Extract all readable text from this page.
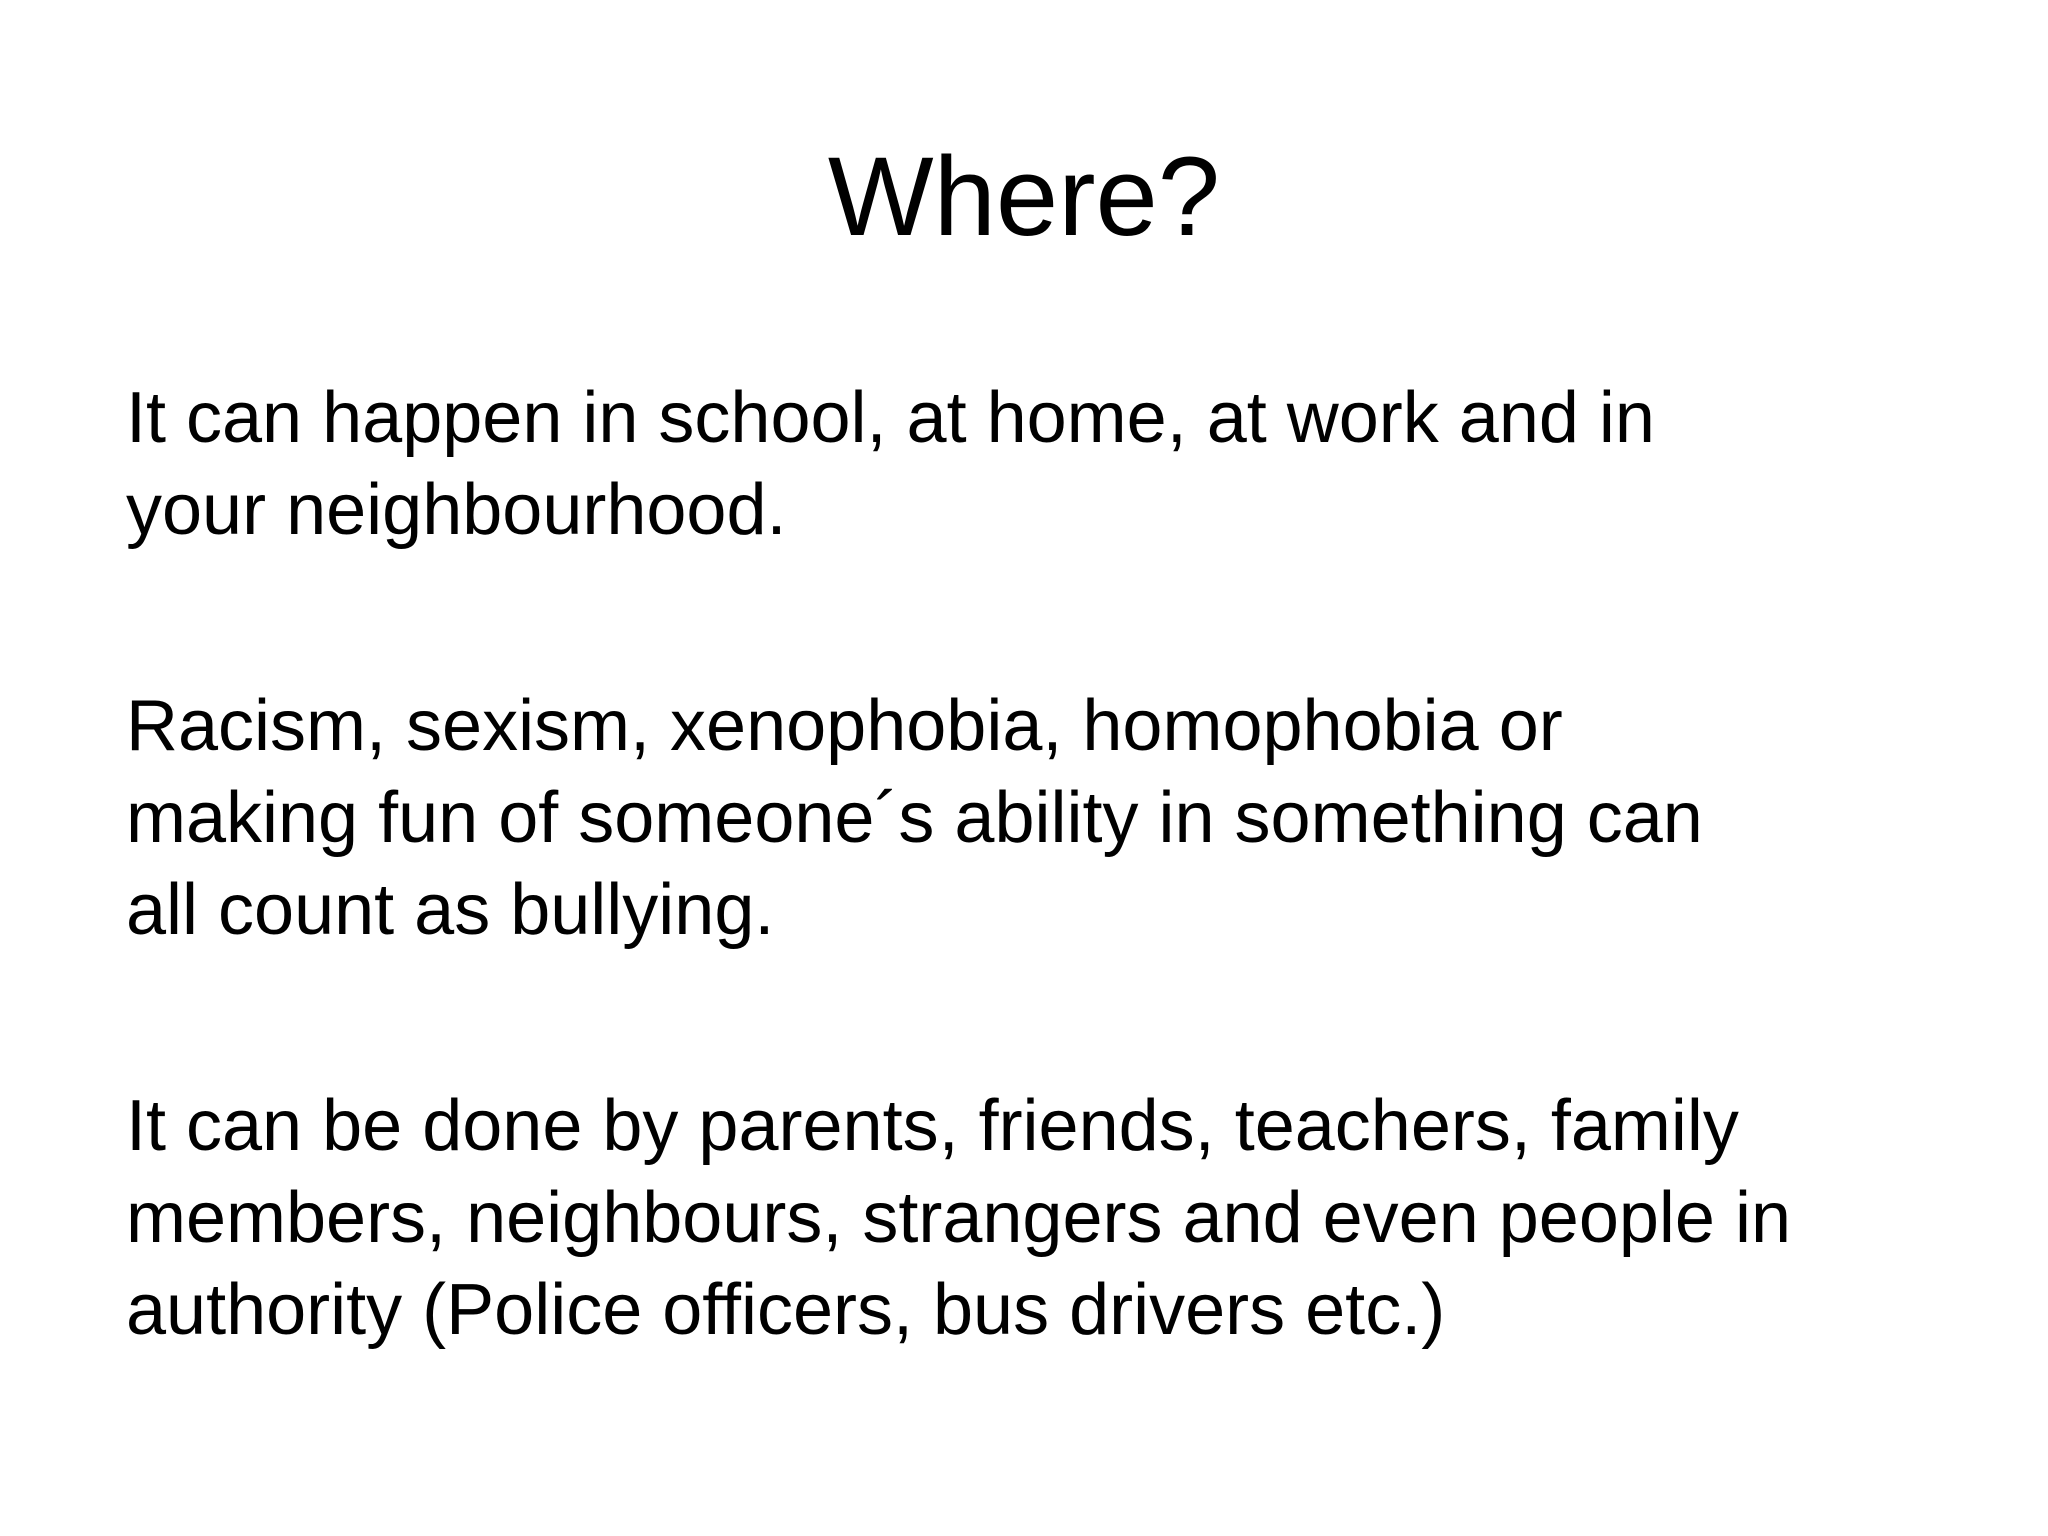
Where?

It can happen in school, at home, at work and in
your neighbourhood.

Racism, sexism, xenophobia, homophobia or
making fun of someone´s ability in something can
all count as bullying.

It can be done by parents, friends, teachers, family
members, neighbours, strangers and even people in
authority (Police officers, bus drivers etc.)
